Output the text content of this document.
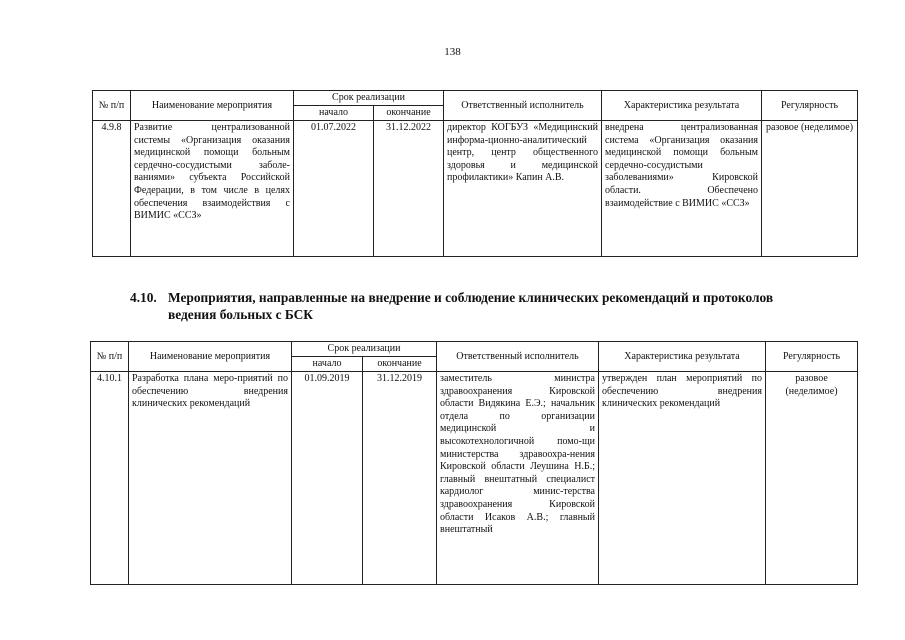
138
№ п/п	Наименование мероприятия	Срок реализации		Ответственный исполнитель	Характеристика результата	Регулярность
		начало	окончание			
4.9.8	Развитие централизованной системы «Организация оказания медицинской помощи больным сердечно-сосудистыми заболе-ваниями» субъекта Российской Федерации, в том числе в целях обеспечения взаимодействия с ВИМИС «ССЗ»	01.07.2022	31.12.2022	директор КОГБУЗ «Медицинский информа-ционно-аналитический центр, центр общественного здоровья и медицинской профилактики» Капин А.В.	внедрена централизованная система «Организация оказания медицинской помощи больным сердечно-сосудистыми заболеваниями» Кировской области. Обеспечено взаимодействие с ВИМИС «ССЗ»	разовое (неделимое)
4.10. Мероприятия, направленные на внедрение и соблюдение клинических рекомендаций и протоколов
ведения больных с БСК
№ п/п	Наименование мероприятия	Срок реализации		Ответственный исполнитель	Характеристика результата	Регулярность
		начало	окончание			
4.10.1	Разработка плана меро-приятий по обеспечению внедрения клинических рекомендаций	01.09.2019	31.12.2019	заместитель министра здравоохранения Кировской области Видякина Е.Э.; начальник отдела по организации медицинской и высокотехнологичной помо-щи министерства здравоохра-нения Кировской области Леушина Н.Б.; главный внештатный специалист кардиолог минис-терства здравоохранения Кировской области Исаков А.В.; главный внештатный	утвержден план мероприятий по обеспечению внедрения клинических рекомендаций	разовое (неделимое)
